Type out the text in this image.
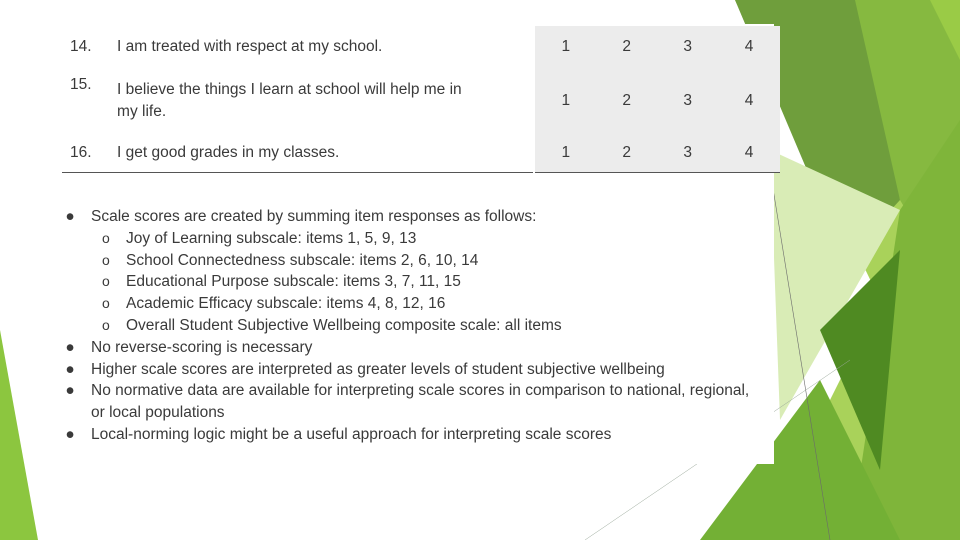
14.	I am treated with respect at my school.	1	2	3	4
15.	I believe the things I learn at school will help me in my life.	1	2	3	4
16.	I get good grades in my classes.	1	2	3	4
● Scale scores are created by summing item responses as follows:
o Joy of Learning subscale: items 1, 5, 9, 13
o School Connectedness subscale: items 2, 6, 10, 14
o Educational Purpose subscale: items 3, 7, 11, 15
o Academic Efficacy subscale: items 4, 8, 12, 16
o Overall Student Subjective Wellbeing composite scale: all items
● No reverse-scoring is necessary
● Higher scale scores are interpreted as greater levels of student subjective wellbeing
● No normative data are available for interpreting scale scores in comparison to national, regional, or local populations
● Local-norming logic might be a useful approach for interpreting scale scores
